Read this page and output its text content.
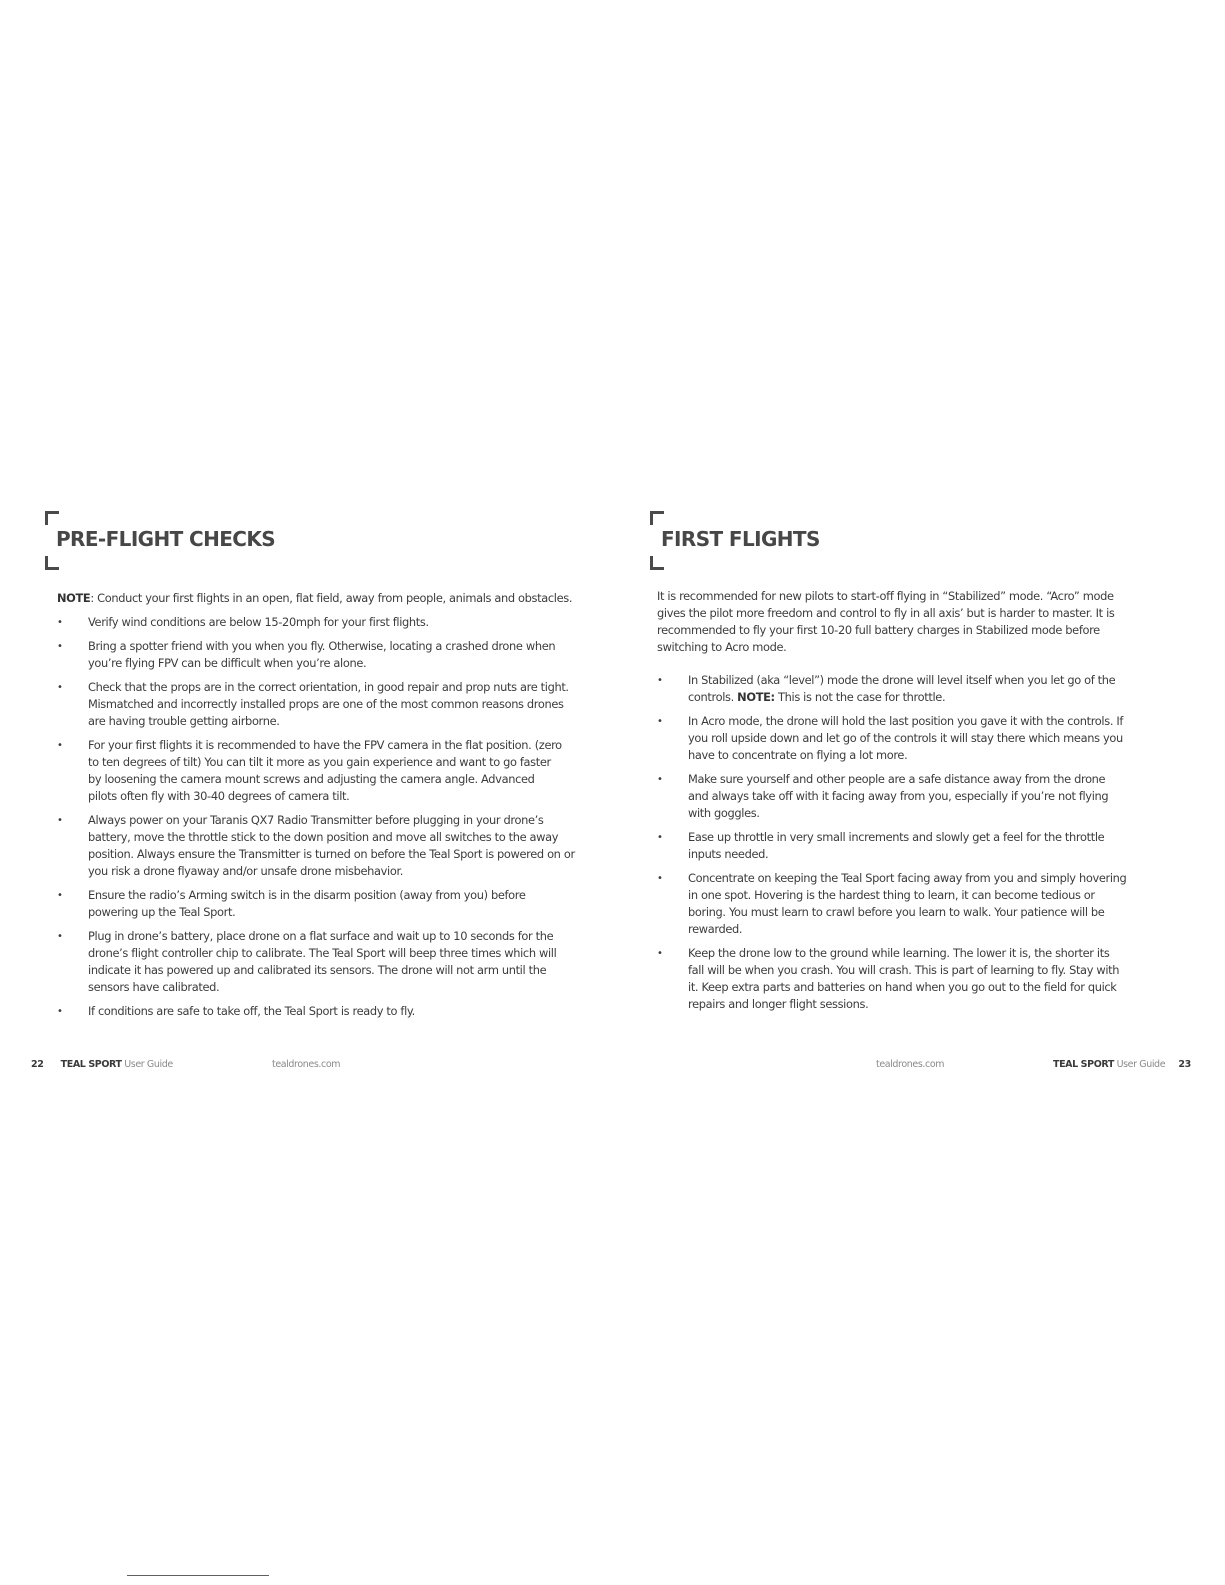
PRE-FLIGHT CHECKS

NOTE: Conduct your first flights in an open, flat field, away from people, animals and obstacles.

• Verify wind conditions are below 15-20mph for your first flights.
• Bring a spotter friend with you when you fly. Otherwise, locating a crashed drone when you’re flying FPV can be difficult when you’re alone.
• Check that the props are in the correct orientation, in good repair and prop nuts are tight. Mismatched and incorrectly installed props are one of the most common reasons drones are having trouble getting airborne.
• For your first flights it is recommended to have the FPV camera in the flat position. (zero to ten degrees of tilt) You can tilt it more as you gain experience and want to go faster by loosening the camera mount screws and adjusting the camera angle. Advanced pilots often fly with 30-40 degrees of camera tilt.
• Always power on your Taranis QX7 Radio Transmitter before plugging in your drone’s battery, move the throttle stick to the down position and move all switches to the away position. Always ensure the Transmitter is turned on before the Teal Sport is powered on or you risk a drone flyaway and/or unsafe drone misbehavior.
• Ensure the radio’s Arming switch is in the disarm position (away from you) before powering up the Teal Sport.
• Plug in drone’s battery, place drone on a flat surface and wait up to 10 seconds for the drone’s flight controller chip to calibrate. The Teal Sport will beep three times which will indicate it has powered up and calibrated its sensors. The drone will not arm until the sensors have calibrated.
• If conditions are safe to take off, the Teal Sport is ready to fly.
22 TEAL SPORT User Guide	tealdrones.com
FIRST FLIGHTS

It is recommended for new pilots to start-off flying in “Stabilized” mode. “Acro” mode gives the pilot more freedom and control to fly in all axis’ but is harder to master. It is recommended to fly your first 10-20 full battery charges in Stabilized mode before switching to Acro mode.

• In Stabilized (aka “level”) mode the drone will level itself when you let go of the controls. NOTE: This is not the case for throttle.
• In Acro mode, the drone will hold the last position you gave it with the controls. If you roll upside down and let go of the controls it will stay there which means you have to concentrate on flying a lot more.
• Make sure yourself and other people are a safe distance away from the drone and always take off with it facing away from you, especially if you’re not flying with goggles.
• Ease up throttle in very small increments and slowly get a feel for the throttle inputs needed.
• Concentrate on keeping the Teal Sport facing away from you and simply hovering in one spot. Hovering is the hardest thing to learn, it can become tedious or boring. You must learn to crawl before you learn to walk. Your patience will be rewarded.
• Keep the drone low to the ground while learning. The lower it is, the shorter its fall will be when you crash. You will crash. This is part of learning to fly. Stay with it. Keep extra parts and batteries on hand when you go out to the field for quick repairs and longer flight sessions.
tealdrones.com	TEAL SPORT User Guide 23
